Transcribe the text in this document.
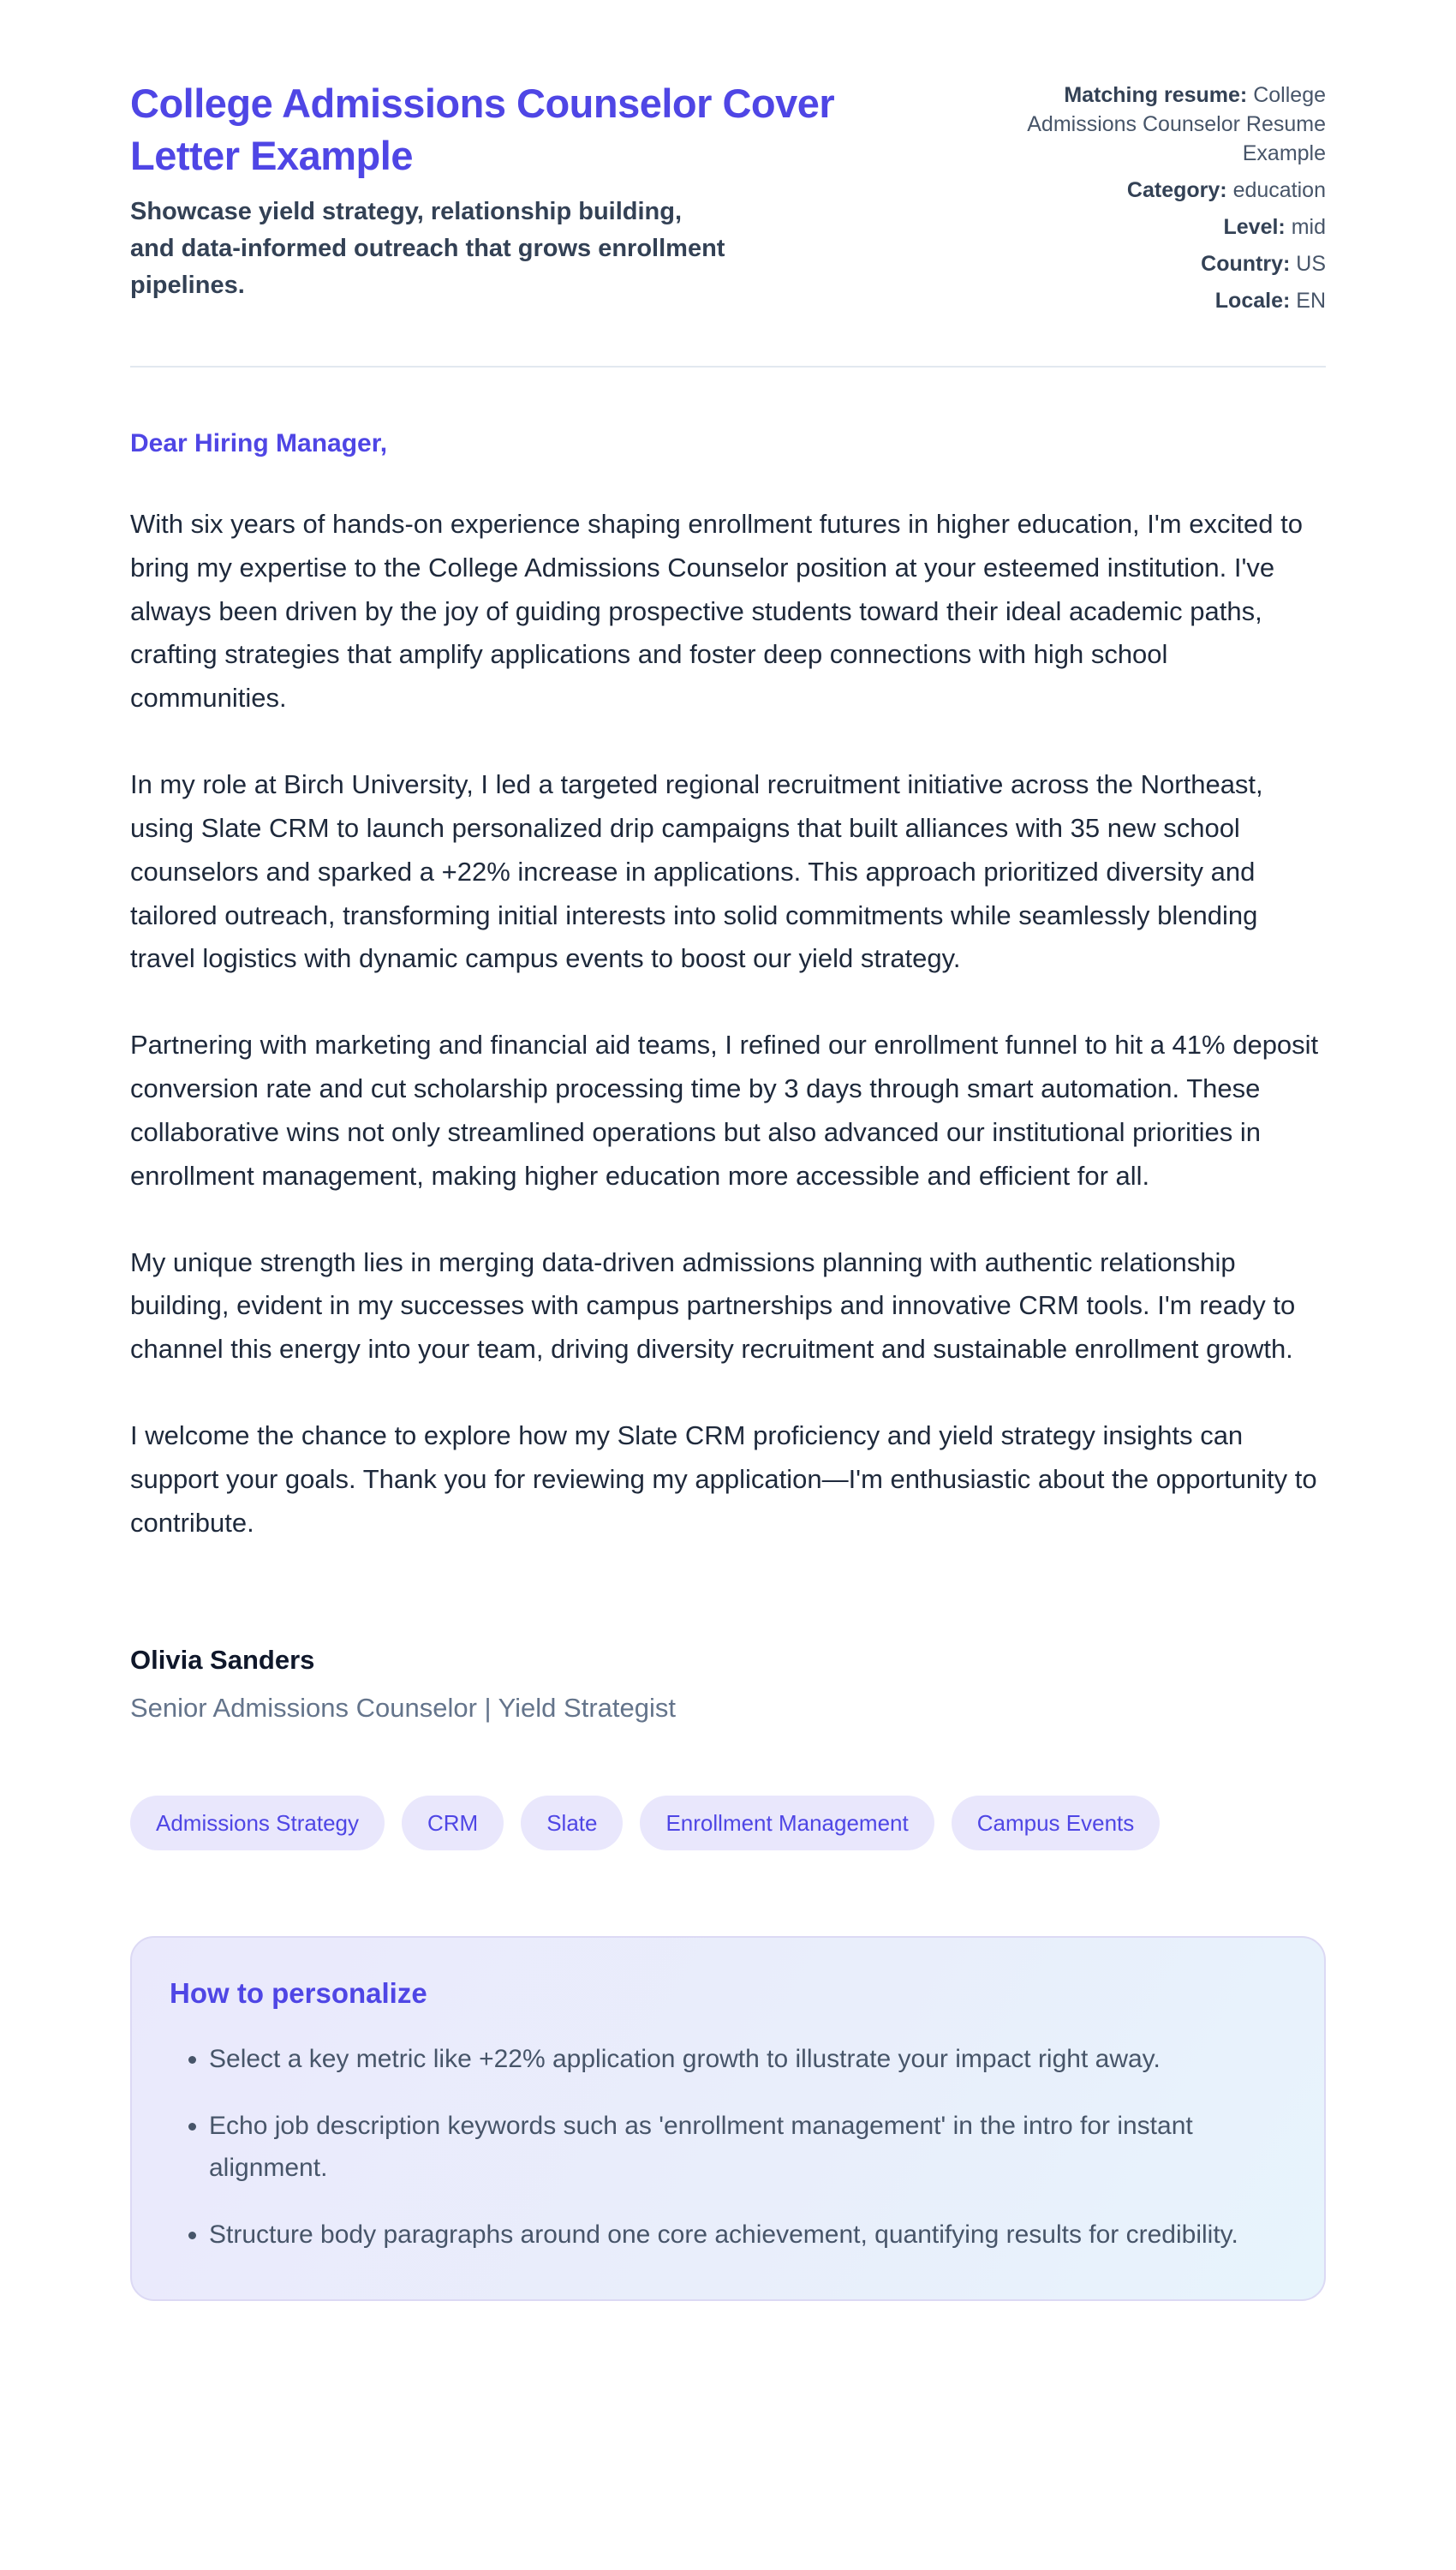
College Admissions Counselor Cover Letter Example

Showcase yield strategy, relationship building, and data-informed outreach that grows enrollment pipelines.

Matching resume: College Admissions Counselor Resume Example

Category: education

Level: mid

Country: US

Locale: EN

Dear Hiring Manager,

With six years of hands-on experience shaping enrollment futures in higher education, I'm excited to bring my expertise to the College Admissions Counselor position at your esteemed institution. I've always been driven by the joy of guiding prospective students toward their ideal academic paths, crafting strategies that amplify applications and foster deep connections with high school communities.

In my role at Birch University, I led a targeted regional recruitment initiative across the Northeast, using Slate CRM to launch personalized drip campaigns that built alliances with 35 new school counselors and sparked a +22% increase in applications. This approach prioritized diversity and tailored outreach, transforming initial interests into solid commitments while seamlessly blending travel logistics with dynamic campus events to boost our yield strategy.

Partnering with marketing and financial aid teams, I refined our enrollment funnel to hit a 41% deposit conversion rate and cut scholarship processing time by 3 days through smart automation. These collaborative wins not only streamlined operations but also advanced our institutional priorities in enrollment management, making higher education more accessible and efficient for all.

My unique strength lies in merging data-driven admissions planning with authentic relationship building, evident in my successes with campus partnerships and innovative CRM tools. I'm ready to channel this energy into your team, driving diversity recruitment and sustainable enrollment growth.

I welcome the chance to explore how my Slate CRM proficiency and yield strategy insights can support your goals. Thank you for reviewing my application—I'm enthusiastic about the opportunity to contribute.

Olivia Sanders

Senior Admissions Counselor | Yield Strategist

Admissions Strategy	CRM	Slate	Enrollment Management	Campus Events
How to personalize
• Select a key metric like +22% application growth to illustrate your impact right away.
• Echo job description keywords such as 'enrollment management' in the intro for instant alignment.
• Structure body paragraphs around one core achievement, quantifying results for credibility.
